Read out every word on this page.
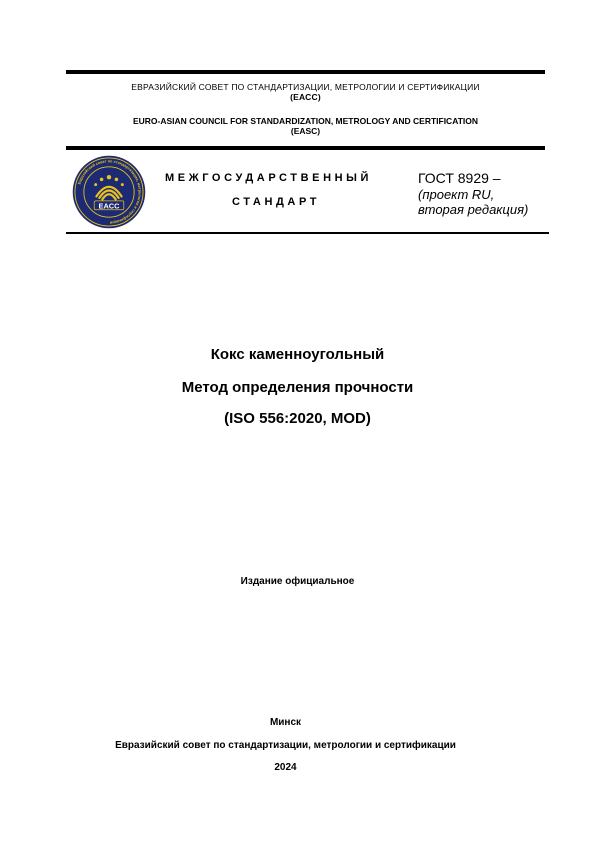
ЕВРАЗИЙСКИЙ СОВЕТ ПО СТАНДАРТИЗАЦИИ, МЕТРОЛОГИИ И СЕРТИФИКАЦИИ
(ЕАСС)
EURO-ASIAN COUNCIL FOR STANDARDIZATION, METROLOGY AND CERTIFICATION
(EASC)
Евразийский совет по стандартизации, метрологии и сертификации
EACC
МЕЖГОСУДАРСТВЕННЫЙ
СТАНДАРТ
ГОСТ 8929 –
(проект RU,
вторая редакция)
Кокс каменноугольный
Метод определения прочности
(ISO 556:2020, MOD)
Издание официальное
Минск
Евразийский совет по стандартизации, метрологии и сертификации
2024
